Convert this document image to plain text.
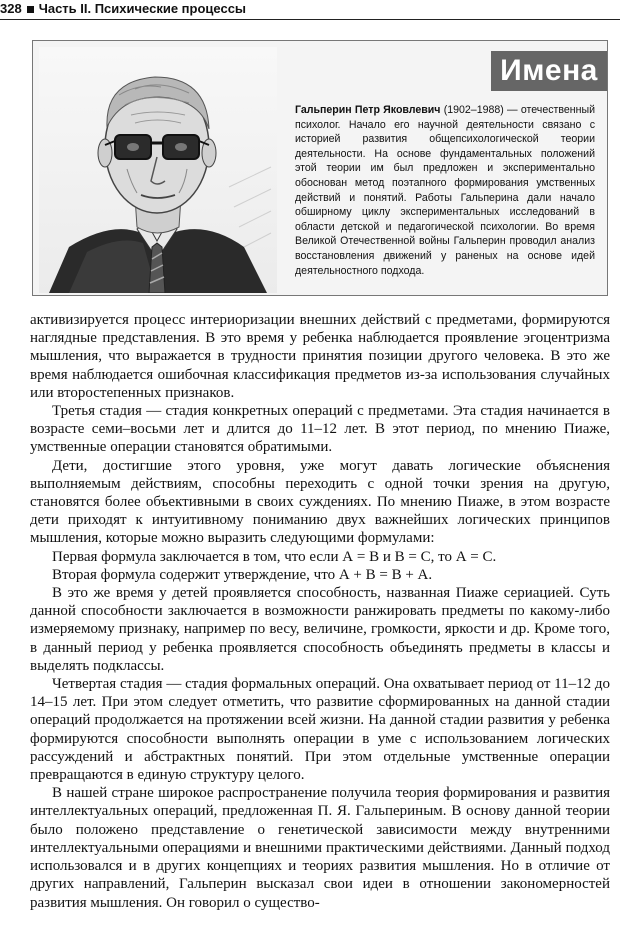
328 Часть II. Психические процессы
Имена
Гальперин Петр Яковлевич (1902–1988) — отечественный психолог. Начало его научной деятельности связано с историей развития общепсихологической теории деятельности. На основе фундаментальных положений этой теории им был предложен и экспериментально обоснован метод поэтапного формирования умственных действий и понятий. Работы Гальперина дали начало обширному циклу экспериментальных исследований в области детской и педагогической психологии. Во время Великой Отечественной войны Гальперин проводил анализ восстановления движений у раненых на основе идей деятельностного подхода.

активизируется процесс интериоризации внешних действий с предметами, формируются наглядные представления. В это время у ребенка наблюдается проявление эгоцентризма мышления, что выражается в трудности принятия позиции другого человека. В это же время наблюдается ошибочная классификация предметов из-за использования случайных или второстепенных признаков.

Третья стадия — стадия конкретных операций с предметами. Эта стадия начинается в возрасте семи–восьми лет и длится до 11–12 лет. В этот период, по мнению Пиаже, умственные операции становятся обратимыми.

Дети, достигшие этого уровня, уже могут давать логические объяснения выполняемым действиям, способны переходить с одной точки зрения на другую, становятся более объективными в своих суждениях. По мнению Пиаже, в этом возрасте дети приходят к интуитивному пониманию двух важнейших логических принципов мышления, которые можно выразить следующими формулами:

Первая формула заключается в том, что если А = В и В = С, то А = С.

Вторая формула содержит утверждение, что А + В = В + А.

В это же время у детей проявляется способность, названная Пиаже сериацией. Суть данной способности заключается в возможности ранжировать предметы по какому-либо измеряемому признаку, например по весу, величине, громкости, яркости и др. Кроме того, в данный период у ребенка проявляется способность объединять предметы в классы и выделять подклассы.

Четвертая стадия — стадия формальных операций. Она охватывает период от 11–12 до 14–15 лет. При этом следует отметить, что развитие сформированных на данной стадии операций продолжается на протяжении всей жизни. На данной стадии развития у ребенка формируются способности выполнять операции в уме с использованием логических рассуждений и абстрактных понятий. При этом отдельные умственные операции превращаются в единую структуру целого.

В нашей стране широкое распространение получила теория формирования и развития интеллектуальных операций, предложенная П. Я. Гальпериным. В основу данной теории было положено представление о генетической зависимости между внутренними интеллектуальными операциями и внешними практическими действиями. Данный подход использовался и в других концепциях и теориях развития мышления. Но в отличие от других направлений, Гальперин высказал свои идеи в отношении закономерностей развития мышления. Он говорил о существо-
